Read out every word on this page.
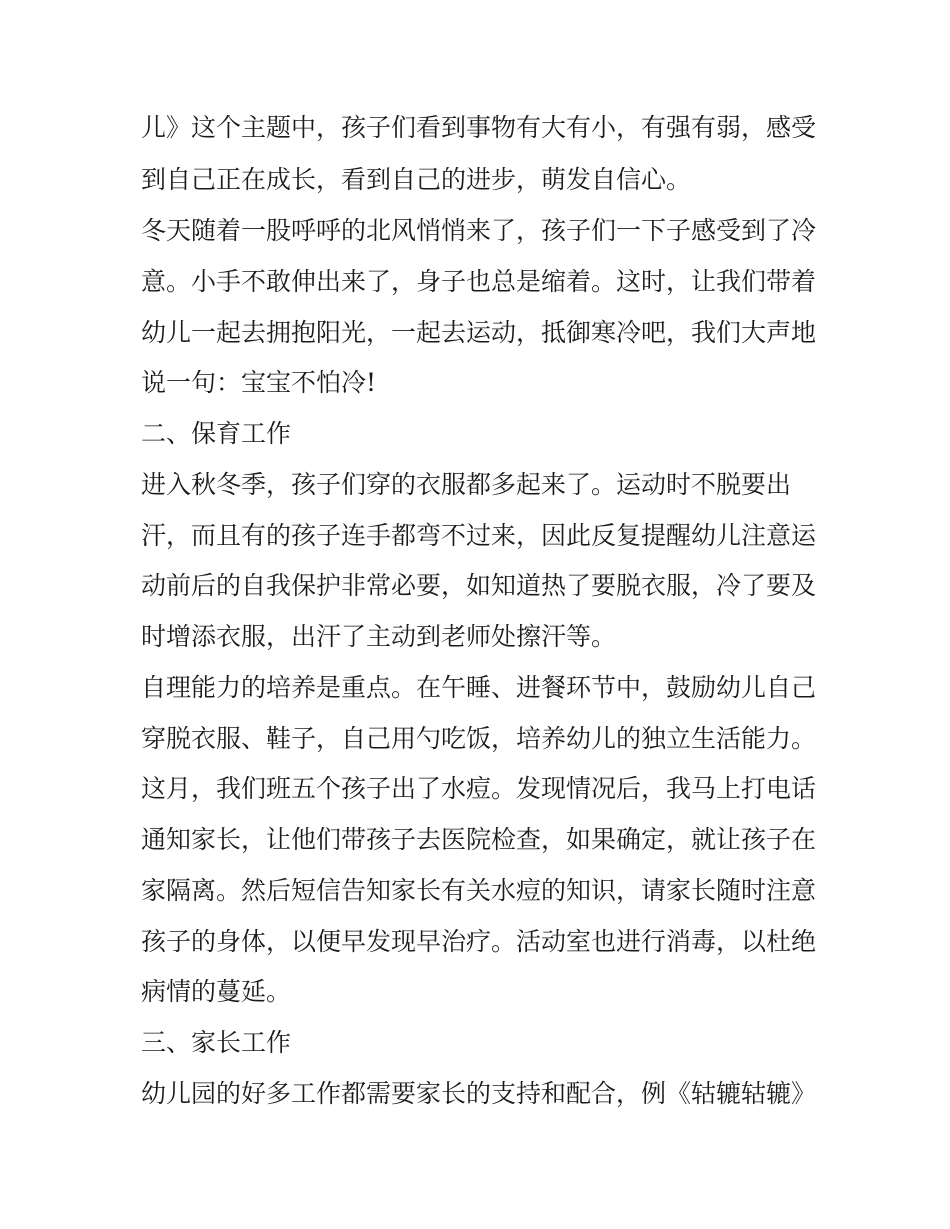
儿》这个主题中，孩子们看到事物有大有小，有强有弱，感受
到自己正在成长，看到自己的进步，萌发自信心。
冬天随着一股呼呼的北风悄悄来了，孩子们一下子感受到了冷
意。小手不敢伸出来了，身子也总是缩着。这时，让我们带着
幼儿一起去拥抱阳光，一起去运动，抵御寒冷吧，我们大声地
说一句：宝宝不怕冷!
二、保育工作
进入秋冬季，孩子们穿的衣服都多起来了。运动时不脱要出
汗，而且有的孩子连手都弯不过来，因此反复提醒幼儿注意运
动前后的自我保护非常必要，如知道热了要脱衣服，冷了要及
时增添衣服，出汗了主动到老师处擦汗等。
自理能力的培养是重点。在午睡、进餐环节中，鼓励幼儿自己
穿脱衣服、鞋子，自己用勺吃饭，培养幼儿的独立生活能力。
这月，我们班五个孩子出了水痘。发现情况后，我马上打电话
通知家长，让他们带孩子去医院检查，如果确定，就让孩子在
家隔离。然后短信告知家长有关水痘的知识，请家长随时注意
孩子的身体，以便早发现早治疗。活动室也进行消毒，以杜绝
病情的蔓延。
三、家长工作
幼儿园的好多工作都需要家长的支持和配合，例《轱辘轱辘》
